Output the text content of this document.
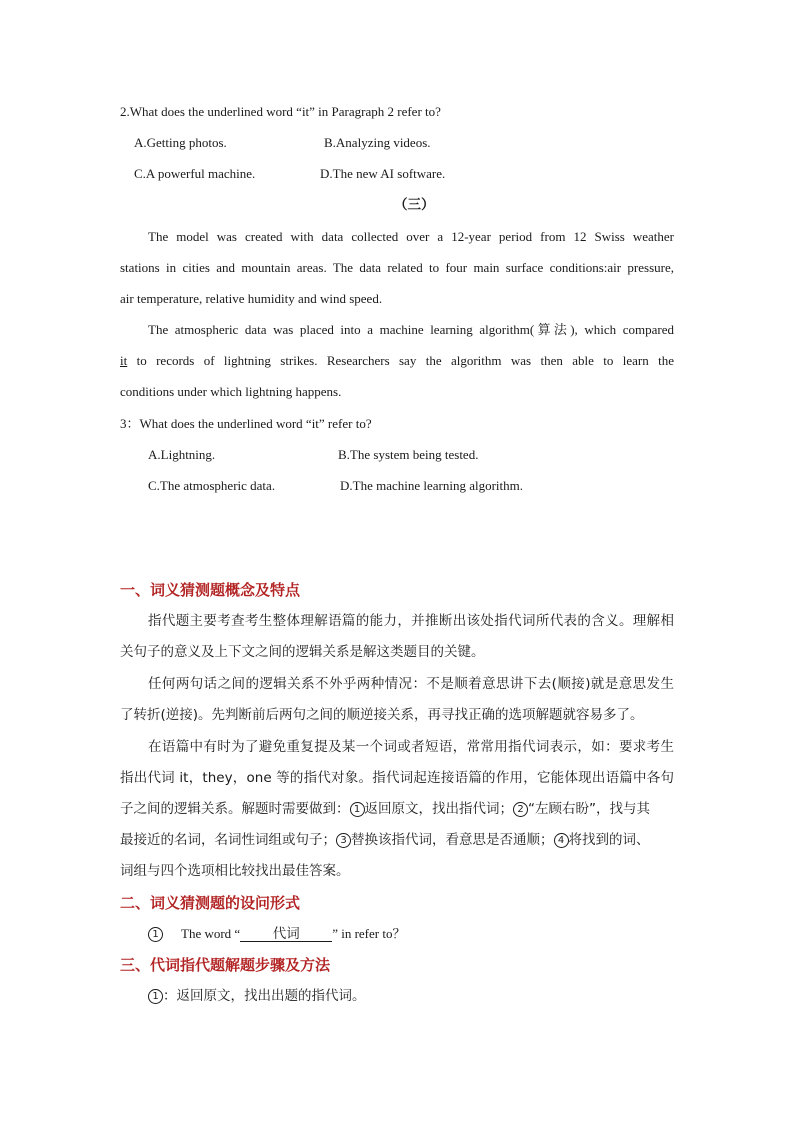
2.What does the underlined word “it” in Paragraph 2 refer to?
A.Getting photos.	B.Analyzing videos.
C.A powerful machine.	D.The new AI software.
（三）
The model was created with data collected over a 12-year period from 12 Swiss weather
stations in cities and mountain areas. The data related to four main surface conditions:air pressure,
air temperature, relative humidity and wind speed.
The atmospheric data was placed into a machine learning algorithm(算法), which compared
it to records of lightning strikes. Researchers say the algorithm was then able to learn the
conditions under which lightning happens.
3：What does the underlined word “it” refer to?
A.Lightning.	B.The system being tested.
C.The atmospheric data.	D.The machine learning algorithm.
一、词义猜测题概念及特点
指代题主要考查考生整体理解语篇的能力，并推断出该处指代词所代表的含义。理解相
关句子的意义及上下文之间的逻辑关系是解这类题目的关键。
任何两句话之间的逻辑关系不外乎两种情况：不是顺着意思讲下去(顺接)就是意思发生
了转折(逆接)。先判断前后两句之间的顺逆接关系，再寻找正确的选项解题就容易多了。
在语篇中有时为了避免重复提及某一个词或者短语，常常用指代词表示，如：要求考生
指出代词 it，they，one 等的指代对象。指代词起连接语篇的作用，它能体现出语篇中各句
子之间的逻辑关系。解题时需要做到： 1 返回原文，找出指代词； 2 “左顾右盼”，找与其
最接近的名词，名词性词组或句子； 3 替换该指代词，看意思是否通顺； 4 将找到的词、
词组与四个选项相比较找出最佳答案。
二、词义猜测题的设问形式
1 The word “ 代词	” in refer to？
三、代词指代题解题步骤及方法
1 ：返回原文，找出出题的指代词。
